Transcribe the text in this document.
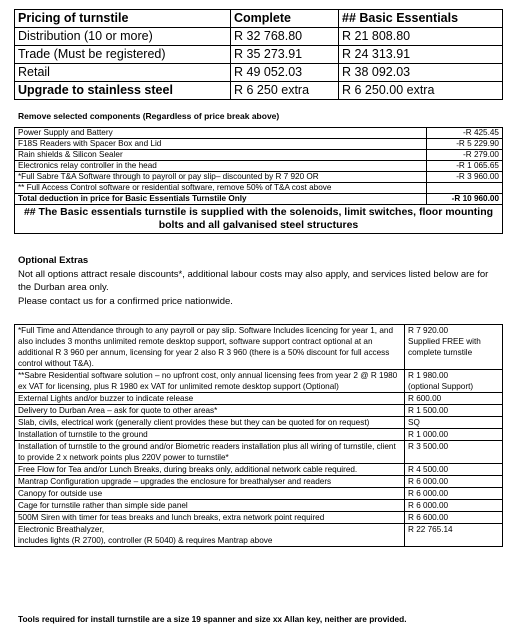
Pricing of turnstile	Complete	## Basic Essentials
Distribution (10 or more)	R 32 768.80	R 21 808.80
Trade (Must be registered)	R 35 273.91	R 24 313.91
Retail	R 49 052.03	R 38 092.03
Upgrade to stainless steel	R 6 250 extra	R 6 250.00 extra
Remove selected components (Regardless of price break above)
Power Supply and Battery	-R 425.45
F18S Readers with Spacer Box and Lid	-R 5 229.90
Rain shields & Silicon Sealer	-R 279.00
Electronics relay controller in the head	-R 1 065.65
*Full Sabre T&A Software through to payroll or pay slip– discounted by R 7 920 OR	-R 3 960.00
** Full Access Control software or residential software, remove 50% of T&A cost above	
Total deduction in price for Basic Essentials Turnstile Only	-R 10 960.00
## The Basic essentials turnstile is supplied with the solenoids, limit switches, floor mounting bolts and all galvanised steel structures	

Optional Extras

Not all options attract resale discounts*, additional labour costs may also apply, and services listed below are for the Durban area only.

Please contact us for a confirmed price nationwide.

*Full Time and Attendance through to any payroll or pay slip. Software Includes licencing for year 1, and also includes 3 months unlimited remote desktop support, software support contract optional at an additional R 3 960 per annum, licensing for year 2 also R 3 960 (there is a 50% discount for full access control without T&A).	R 7 920.00
Supplied FREE with complete turnstile
**Sabre Residential software solution – no upfront cost, only annual licensing fees from year 2 @ R 1980 ex VAT for licensing, plus R 1980 ex VAT for unlimited remote desktop support (Optional)	R 1 980.00
(optional Support)
External Lights and/or buzzer to indicate release	R 600.00
Delivery to Durban Area – ask for quote to other areas*	R 1 500.00
Slab, civils, electrical work (generally client provides these but they can be quoted for on request)	SQ
Installation of turnstile to the ground	R 1 000.00
Installation of turnstile to the ground and/or Biometric readers installation plus all wiring of turnstile, client to provide 2 x network points plus 220V power to turnstile*	R 3 500.00
Free Flow for Tea and/or Lunch Breaks, during breaks only, additional network cable required.	R 4 500.00
Mantrap Configuration upgrade – upgrades the enclosure for breathalyser and readers	R 6 000.00
Canopy for outside use	R 6 000.00
Cage for turnstile rather than simple side panel	R 6 000.00
500M Siren with timer for teas breaks and lunch breaks, extra network point required	R 6 600.00
Electronic Breathalyzer,
includes lights (R 2700), controller (R 5040) & requires Mantrap above	R 22 765.14
Tools required for install turnstile are a size 19 spanner and size xx Allan key, neither are provided.
